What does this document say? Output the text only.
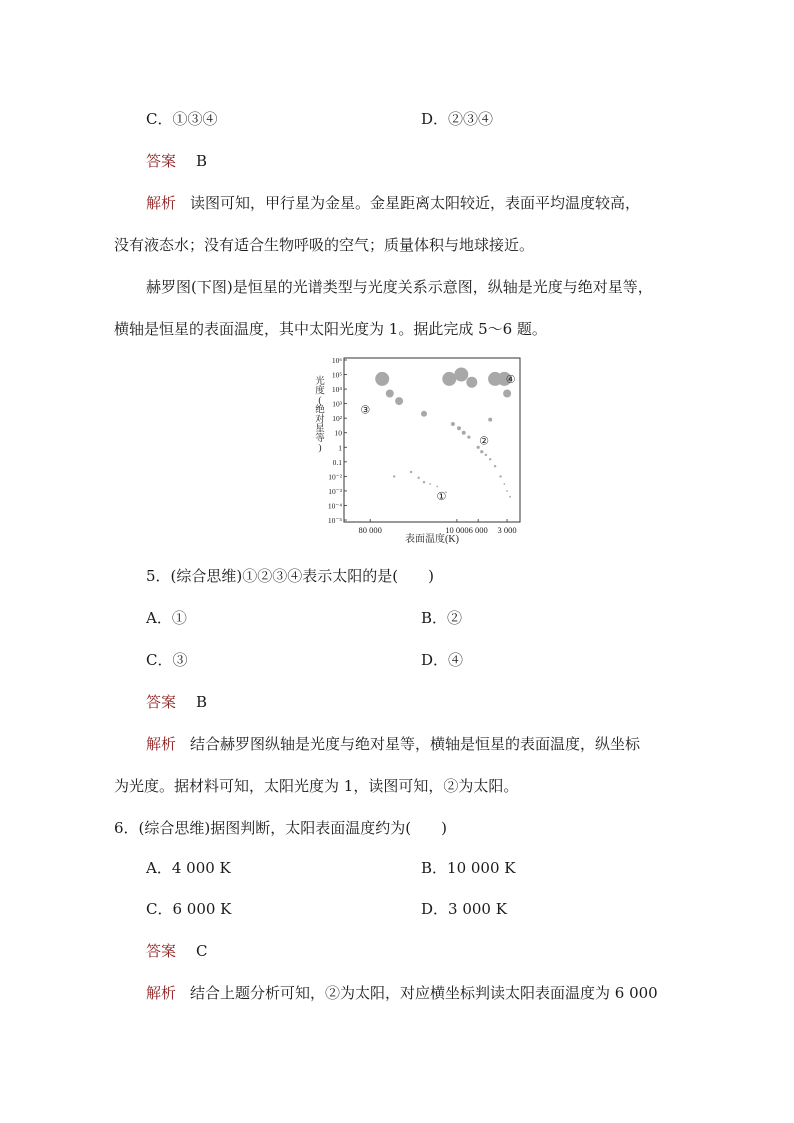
C．①③④	D．②③④
答案 B
解析 读图可知，甲行星为金星。金星距离太阳较近，表面平均温度较高，
没有液态水；没有适合生物呼吸的空气；质量体积与地球接近。
赫罗图(下图)是恒星的光谱类型与光度关系示意图，纵轴是光度与绝对星等，
横轴是恒星的表面温度，其中太阳光度为 1。据此完成 5～6 题。
10⁶
10⁵
10⁴
10³
10²
10
1
0.1
10⁻²
10⁻³
10⁻⁴
10⁻⁵
80 000	10 000 6 000 3 000
①
②
③
④
表面温度(K)
光度(绝对星等)
5．(综合思维)①②③④表示太阳的是(　　)
A．①	B．②
C．③	D．④
答案 B
解析 结合赫罗图纵轴是光度与绝对星等，横轴是恒星的表面温度，纵坐标
为光度。据材料可知，太阳光度为 1，读图可知，②为太阳。
6．(综合思维)据图判断，太阳表面温度约为(　　)
A．4 000 K	B．10 000 K
C．6 000 K	D．3 000 K
答案 C
解析 结合上题分析可知，②为太阳，对应横坐标判读太阳表面温度为 6 000
